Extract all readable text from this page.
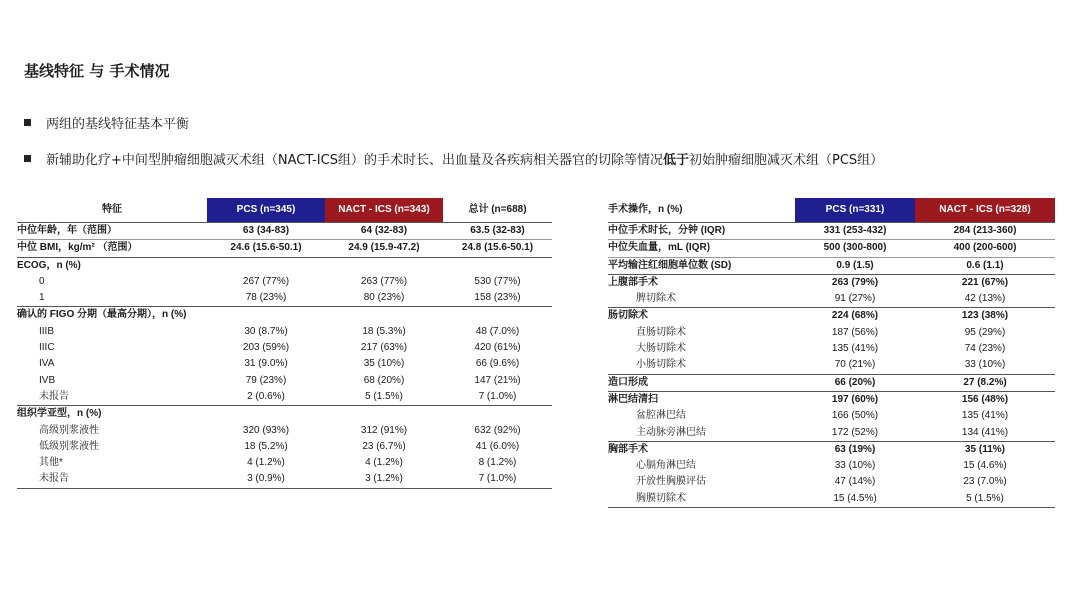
基线特征 与 手术情况
两组的基线特征基本平衡
新辅助化疗+中间型肿瘤细胞减灭术组（NACT-ICS组）的手术时长、出血量及各疾病相关器官的切除等情况低于初始肿瘤细胞减灭术组（PCS组）
特征	PCS (n=345)	NACT - ICS (n=343)	总计 (n=688)
中位年龄，年（范围）	63 (34-83)	64 (32-83)	63.5 (32-83)
中位 BMI，kg/m² （范围）	24.6 (15.6-50.1)	24.9 (15.9-47.2)	24.8 (15.6-50.1)
ECOG，n (%)			
0	267 (77%)	263 (77%)	530 (77%)
1	78 (23%)	80 (23%)	158 (23%)
确认的 FIGO 分期（最高分期），n (%)			
IIIB	30 (8.7%)	18 (5.3%)	48 (7.0%)
IIIC	203 (59%)	217 (63%)	420 (61%)
IVA	31 (9.0%)	35 (10%)	66 (9.6%)
IVB	79 (23%)	68 (20%)	147 (21%)
未报告	2 (0.6%)	5 (1.5%)	7 (1.0%)
组织学亚型，n (%)			
高级别浆液性	320 (93%)	312 (91%)	632 (92%)
低级别浆液性	18 (5.2%)	23 (6.7%)	41 (6.0%)
其他*	4 (1.2%)	4 (1.2%)	8 (1.2%)
未报告	3 (0.9%)	3 (1.2%)	7 (1.0%)
手术操作，n (%)	PCS (n=331)	NACT - ICS (n=328)
中位手术时长，分钟 (IQR)	331 (253-432)	284 (213-360)
中位失血量，mL (IQR)	500 (300-800)	400 (200-600)
平均输注红细胞单位数 (SD)	0.9 (1.5)	0.6 (1.1)
上腹部手术	263 (79%)	221 (67%)
脾切除术	91 (27%)	42 (13%)
肠切除术	224 (68%)	123 (38%)
直肠切除术	187 (56%)	95 (29%)
大肠切除术	135 (41%)	74 (23%)
小肠切除术	70 (21%)	33 (10%)
造口形成	66 (20%)	27 (8.2%)
淋巴结清扫	197 (60%)	156 (48%)
盆腔淋巴结	166 (50%)	135 (41%)
主动脉旁淋巴结	172 (52%)	134 (41%)
胸部手术	63 (19%)	35 (11%)
心膈角淋巴结	33 (10%)	15 (4.6%)
开放性胸膜评估	47 (14%)	23 (7.0%)
胸膜切除术	15 (4.5%)	5 (1.5%)
